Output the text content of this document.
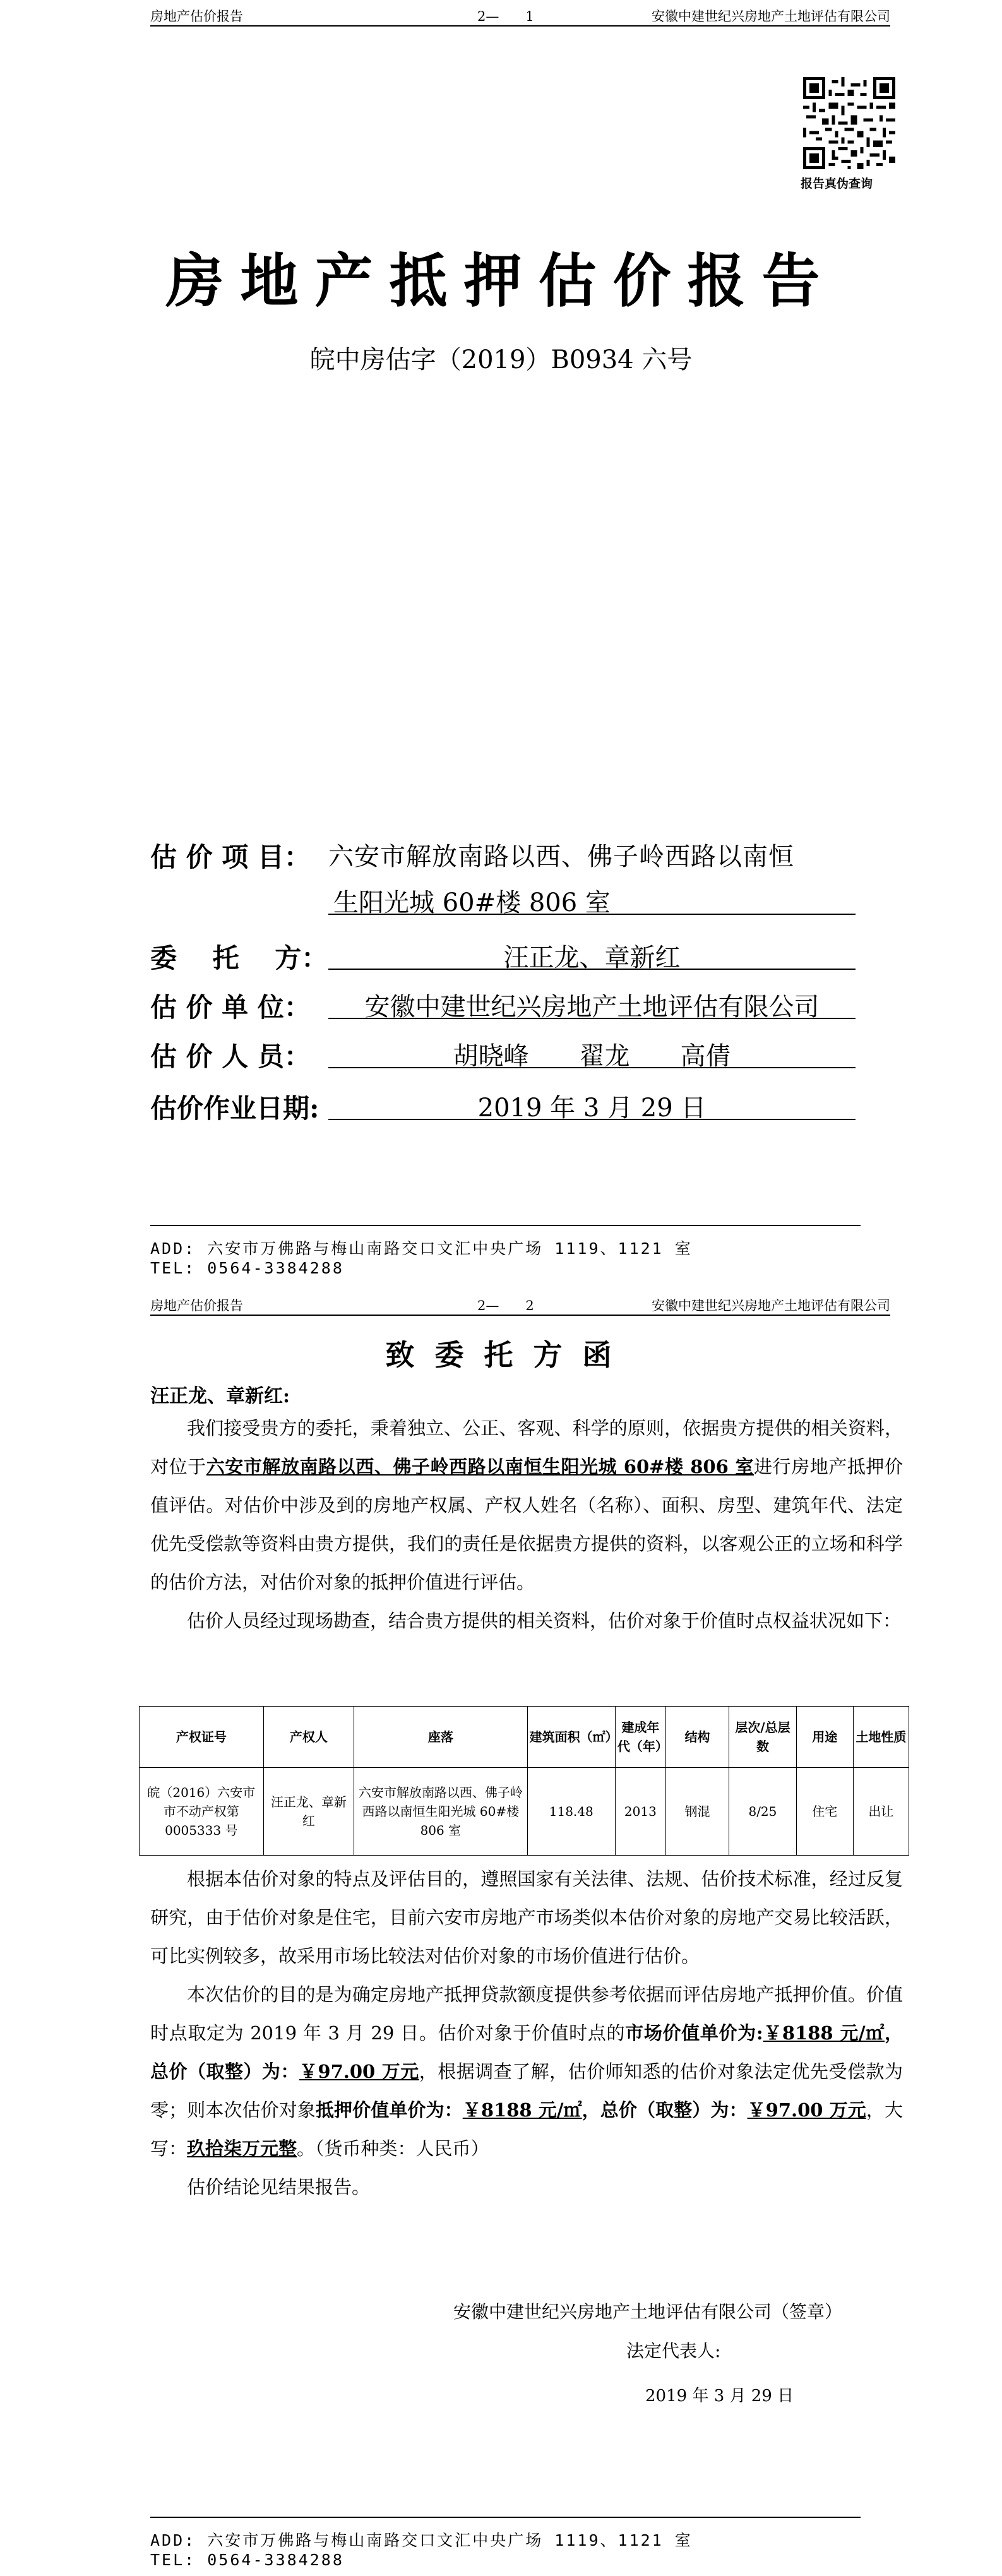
房地产估价报告	2—　　1	安徽中建世纪兴房地产土地评估有限公司
报告真伪查询
房地产抵押估价报告
皖中房估字（2019）B0934 六号
估 价 项 目： 六安市解放南路以西、佛子岭西路以南恒
生阳光城 60#楼 806 室
委　 托　 方：	汪正龙、章新红
估 价 单 位：	安徽中建世纪兴房地产土地评估有限公司
估 价 人 员：	胡晓峰　　翟龙　　高倩
估价作业日期:	2019 年 3 月 29 日
ADD: 六安市万佛路与梅山南路交口文汇中央广场 1119、1121 室
TEL: 0564-3384288
房地产估价报告	2—　　2	安徽中建世纪兴房地产土地评估有限公司
致 委 托 方 函
汪正龙、章新红:

我们接受贵方的委托，秉着独立、公正、客观、科学的原则，依据贵方提供的相关资料，对位于六安市解放南路以西、佛子岭西路以南恒生阳光城 60#楼 806 室进行房地产抵押价值评估。对估价中涉及到的房地产权属、产权人姓名（名称）、面积、房型、建筑年代、法定优先受偿款等资料由贵方提供，我们的责任是依据贵方提供的资料，以客观公正的立场和科学的估价方法，对估价对象的抵押价值进行评估。

估价人员经过现场勘查，结合贵方提供的相关资料，估价对象于价值时点权益状况如下：

产权证号	产权人	座落	建筑面积（㎡）	建成年代（年）	结构	层次/总层数	用途	土地性质
皖（2016）六安市市不动产权第 0005333 号	汪正龙、章新红	六安市解放南路以西、佛子岭西路以南恒生阳光城 60#楼 806 室	118.48	2013	钢混	8/25	住宅	出让

根据本估价对象的特点及评估目的，遵照国家有关法律、法规、估价技术标准，经过反复研究，由于估价对象是住宅，目前六安市房地产市场类似本估价对象的房地产交易比较活跃，可比实例较多，故采用市场比较法对估价对象的市场价值进行估价。

本次估价的目的是为确定房地产抵押贷款额度提供参考依据而评估房地产抵押价值。价值时点取定为 2019 年 3 月 29 日。估价对象于价值时点的市场价值单价为:￥8188 元/㎡，总价（取整）为：￥97.00 万元，根据调查了解，估价师知悉的估价对象法定优先受偿款为零；则本次估价对象抵押价值单价为：￥8188 元/㎡，总价（取整）为：￥97.00 万元，大写：玖拾柒万元整。（货币种类：人民币）

估价结论见结果报告。

安徽中建世纪兴房地产土地评估有限公司（签章）
法定代表人:
2019 年 3 月 29 日
ADD: 六安市万佛路与梅山南路交口文汇中央广场 1119、1121 室
TEL: 0564-3384288
